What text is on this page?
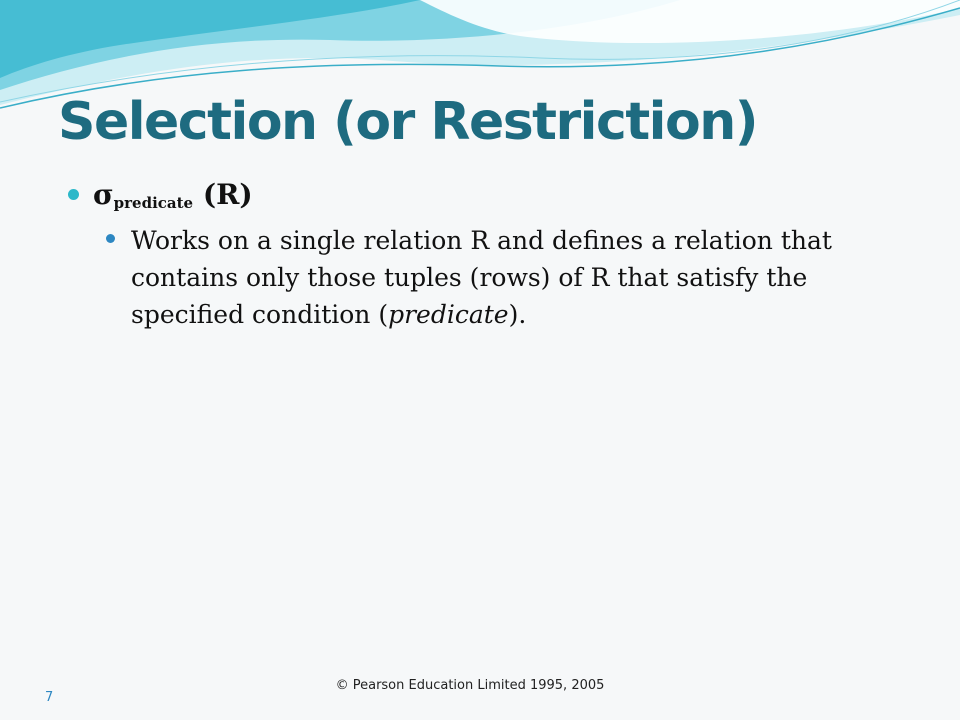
Selection (or Restriction)
σpredicate (R)
Works on a single relation R and defines a relation that contains only those tuples (rows) of R that satisfy the specified condition (predicate).
© Pearson Education Limited 1995, 2005
7
